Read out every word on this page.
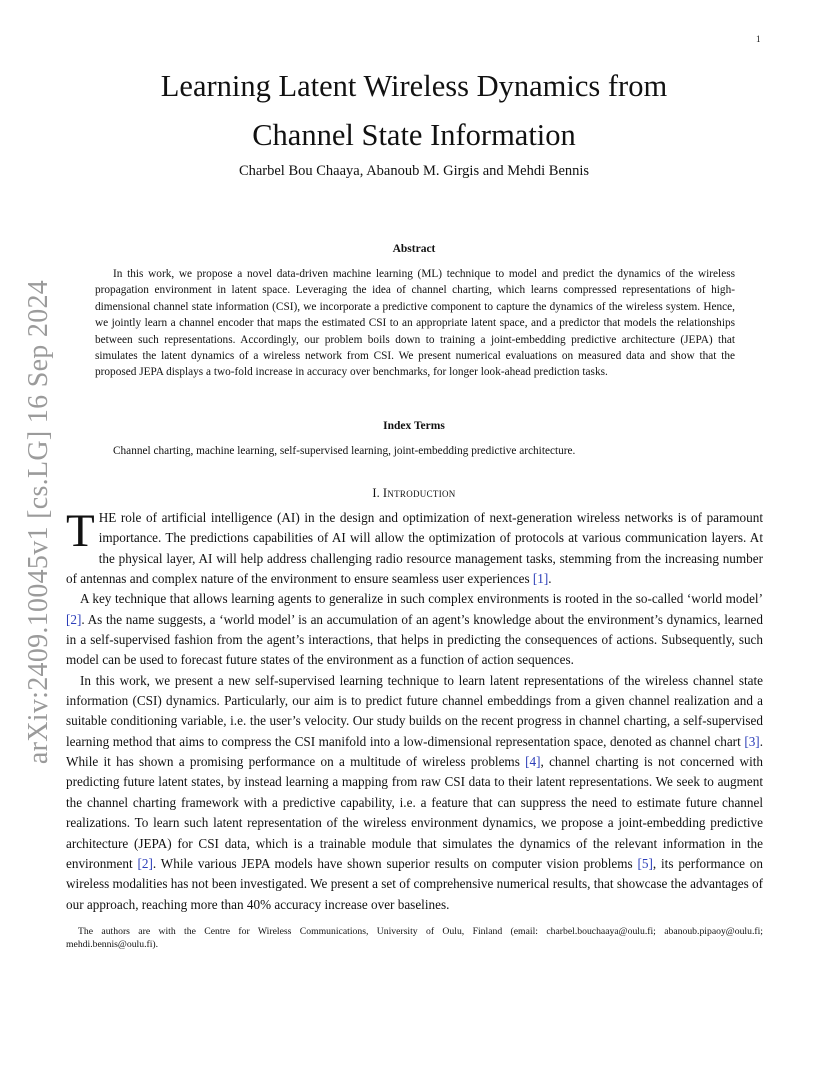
1
arXiv:2409.10045v1 [cs.LG] 16 Sep 2024
Learning Latent Wireless Dynamics from
Channel State Information
Charbel Bou Chaaya, Abanoub M. Girgis and Mehdi Bennis
Abstract

In this work, we propose a novel data-driven machine learning (ML) technique to model and predict the dynamics of the wireless propagation environment in latent space. Leveraging the idea of channel charting, which learns compressed representations of high-dimensional channel state information (CSI), we incorporate a predictive component to capture the dynamics of the wireless system. Hence, we jointly learn a channel encoder that maps the estimated CSI to an appropriate latent space, and a predictor that models the relationships between such representations. Accordingly, our problem boils down to training a joint-embedding predictive architecture (JEPA) that simulates the latent dynamics of a wireless network from CSI. We present numerical evaluations on measured data and show that the proposed JEPA displays a two-fold increase in accuracy over benchmarks, for longer look-ahead prediction tasks.

Index Terms

Channel charting, machine learning, self-supervised learning, joint-embedding predictive architecture.

I. Introduction

THE role of artificial intelligence (AI) in the design and optimization of next-generation wireless networks is of paramount importance. The predictions capabilities of AI will allow the optimization of protocols at various communication layers. At the physical layer, AI will help address challenging radio resource management tasks, stemming from the increasing number of antennas and complex nature of the environment to ensure seamless user experiences [1].

A key technique that allows learning agents to generalize in such complex environments is rooted in the so-called ‘world model’ [2]. As the name suggests, a ‘world model’ is an accumulation of an agent’s knowledge about the environment’s dynamics, learned in a self-supervised fashion from the agent’s interactions, that helps in predicting the consequences of actions. Subsequently, such model can be used to forecast future states of the environment as a function of action sequences.

In this work, we present a new self-supervised learning technique to learn latent representations of the wireless channel state information (CSI) dynamics. Particularly, our aim is to predict future channel embeddings from a given channel realization and a suitable conditioning variable, i.e. the user’s velocity. Our study builds on the recent progress in channel charting, a self-supervised learning method that aims to compress the CSI manifold into a low-dimensional representation space, denoted as channel chart [3]. While it has shown a promising performance on a multitude of wireless problems [4], channel charting is not concerned with predicting future latent states, by instead learning a mapping from raw CSI data to their latent representations. We seek to augment the channel charting framework with a predictive capability, i.e. a feature that can suppress the need to estimate future channel realizations. To learn such latent representation of the wireless environment dynamics, we propose a joint-embedding predictive architecture (JEPA) for CSI data, which is a trainable module that simulates the dynamics of the relevant information in the environment [2]. While various JEPA models have shown superior results on computer vision problems [5], its performance on wireless modalities has not been investigated. We present a set of comprehensive numerical results, that showcase the advantages of our approach, reaching more than 40% accuracy increase over baselines.

The authors are with the Centre for Wireless Communications, University of Oulu, Finland (email: charbel.bouchaaya@oulu.fi; abanoub.pipaoy@oulu.fi; mehdi.bennis@oulu.fi).
